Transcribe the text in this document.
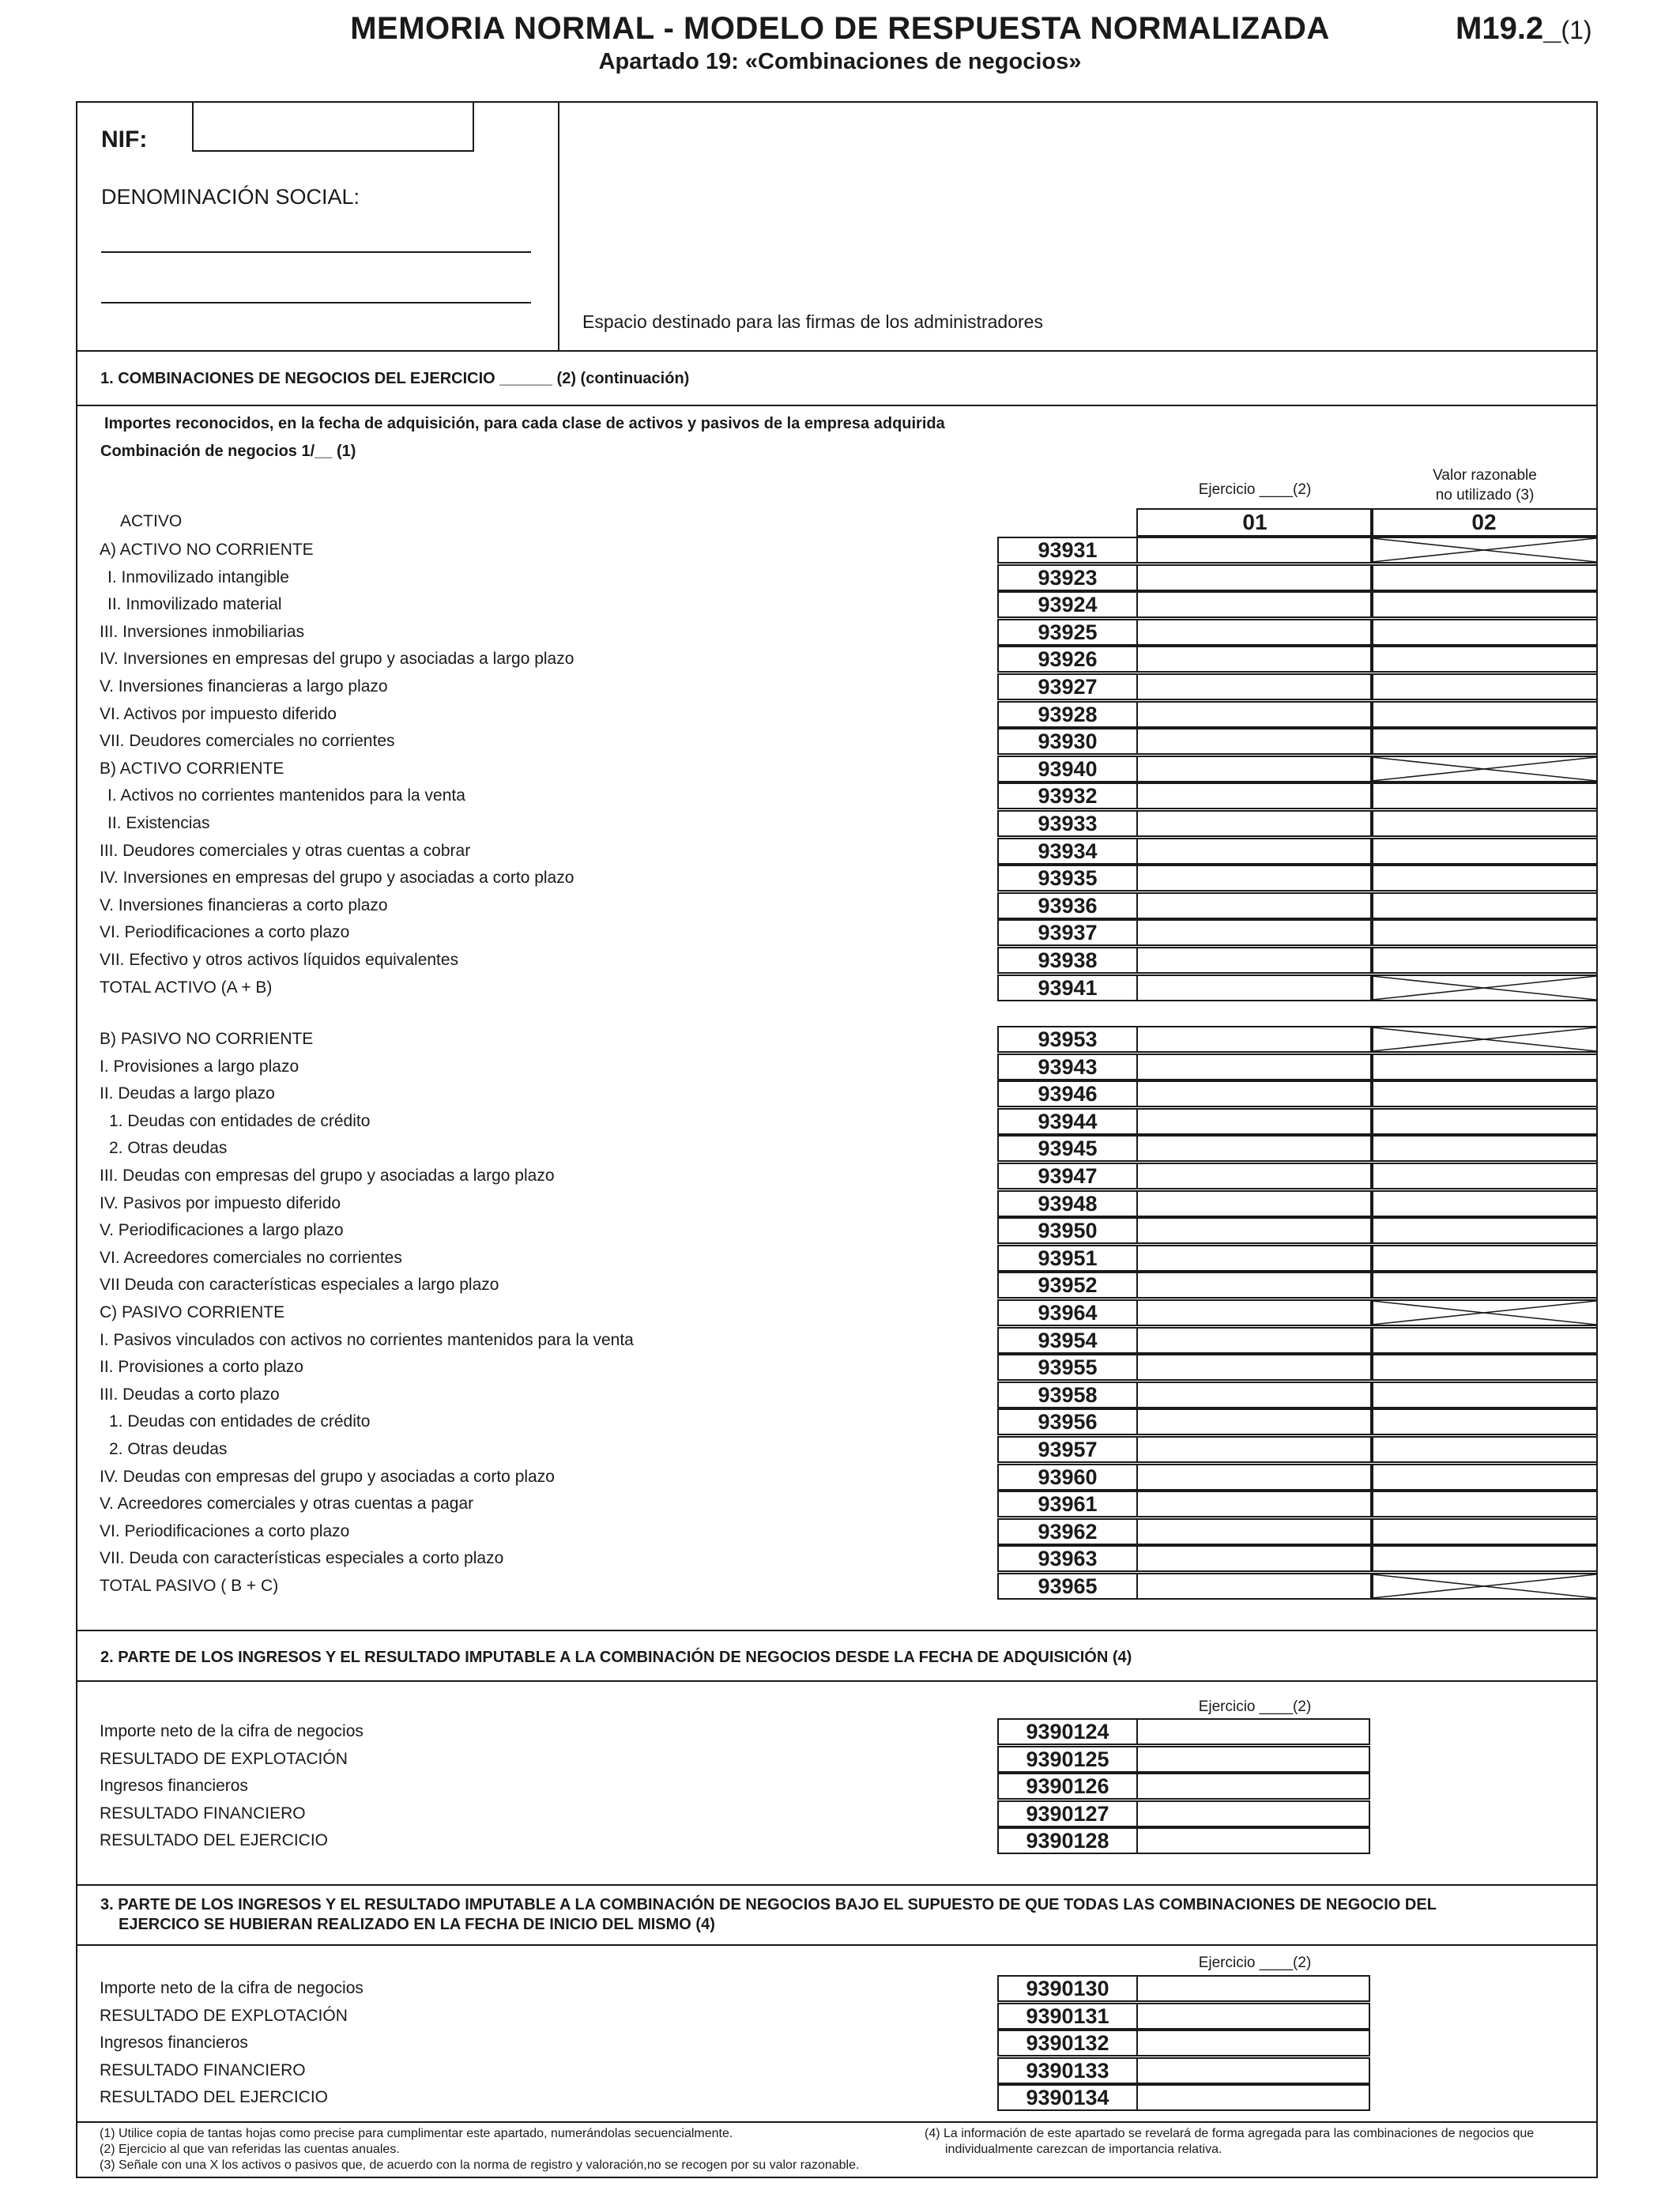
MEMORIA NORMAL - MODELO DE RESPUESTA NORMALIZADA	M19.2_(1)
Apartado 19: «Combinaciones de negocios»
NIF:
DENOMINACIÓN SOCIAL:
Espacio destinado para las firmas de los administradores
1. COMBINACIONES DE NEGOCIOS DEL EJERCICIO ______ (2) (continuación)
Importes reconocidos, en la fecha de adquisición, para cada clase de activos y pasivos de la empresa adquirida
Combinación de negocios 1/__ (1)
Ejercicio ____(2)
Valor razonable
no utilizado (3)
01	02
ACTIVO
A) ACTIVO NO CORRIENTE	93931
I. Inmovilizado intangible	93923
II. Inmovilizado material	93924
III. Inversiones inmobiliarias	93925
IV. Inversiones en empresas del grupo y asociadas a largo plazo	93926
V. Inversiones financieras a largo plazo	93927
VI. Activos por impuesto diferido	93928
VII. Deudores comerciales no corrientes	93930
B) ACTIVO CORRIENTE	93940
I. Activos no corrientes mantenidos para la venta	93932
II. Existencias	93933
III. Deudores comerciales y otras cuentas a cobrar	93934
IV. Inversiones en empresas del grupo y asociadas a corto plazo	93935
V. Inversiones financieras a corto plazo	93936
VI. Periodificaciones a corto plazo	93937
VII. Efectivo y otros activos líquidos equivalentes	93938
TOTAL ACTIVO (A + B)	93941
B) PASIVO NO CORRIENTE	93953
I. Provisiones a largo plazo	93943
II. Deudas a largo plazo	93946
1. Deudas con entidades de crédito	93944
2. Otras deudas	93945
III. Deudas con empresas del grupo y asociadas a largo plazo	93947
IV. Pasivos por impuesto diferido	93948
V. Periodificaciones a largo plazo	93950
VI. Acreedores comerciales no corrientes	93951
VII Deuda con características especiales a largo plazo	93952
C) PASIVO CORRIENTE	93964
I. Pasivos vinculados con activos no corrientes mantenidos para la venta	93954
II. Provisiones a corto plazo	93955
III. Deudas a corto plazo	93958
1. Deudas con entidades de crédito	93956
2. Otras deudas	93957
IV. Deudas con empresas del grupo y asociadas a corto plazo	93960
V. Acreedores comerciales y otras cuentas a pagar	93961
VI. Periodificaciones a corto plazo	93962
VII. Deuda con características especiales a corto plazo	93963
TOTAL PASIVO ( B + C)	93965
2. PARTE DE LOS INGRESOS Y EL RESULTADO IMPUTABLE A LA COMBINACIÓN DE NEGOCIOS DESDE LA FECHA DE ADQUISICIÓN (4)
Ejercicio ____(2)
Importe neto de la cifra de negocios	9390124
RESULTADO DE EXPLOTACIÓN	9390125
Ingresos financieros	9390126
RESULTADO FINANCIERO	9390127
RESULTADO DEL EJERCICIO	9390128
3. PARTE DE LOS INGRESOS Y EL RESULTADO IMPUTABLE A LA COMBINACIÓN DE NEGOCIOS BAJO EL SUPUESTO DE QUE TODAS LAS COMBINACIONES DE NEGOCIO DEL
EJERCICO SE HUBIERAN REALIZADO EN LA FECHA DE INICIO DEL MISMO (4)
Ejercicio ____(2)
Importe neto de la cifra de negocios	9390130
RESULTADO DE EXPLOTACIÓN	9390131
Ingresos financieros	9390132
RESULTADO FINANCIERO	9390133
RESULTADO DEL EJERCICIO	9390134
(1) Utilice copia de tantas hojas como precise para cumplimentar este apartado, numerándolas secuencialmente.
(2) Ejercicio al que van referidas las cuentas anuales.
(3) Señale con una X los activos o pasivos que, de acuerdo con la norma de registro y valoración,no se recogen por su valor razonable.
(4) La información de este apartado se revelará de forma agregada para las combinaciones de negocios que
individualmente carezcan de importancia relativa.
